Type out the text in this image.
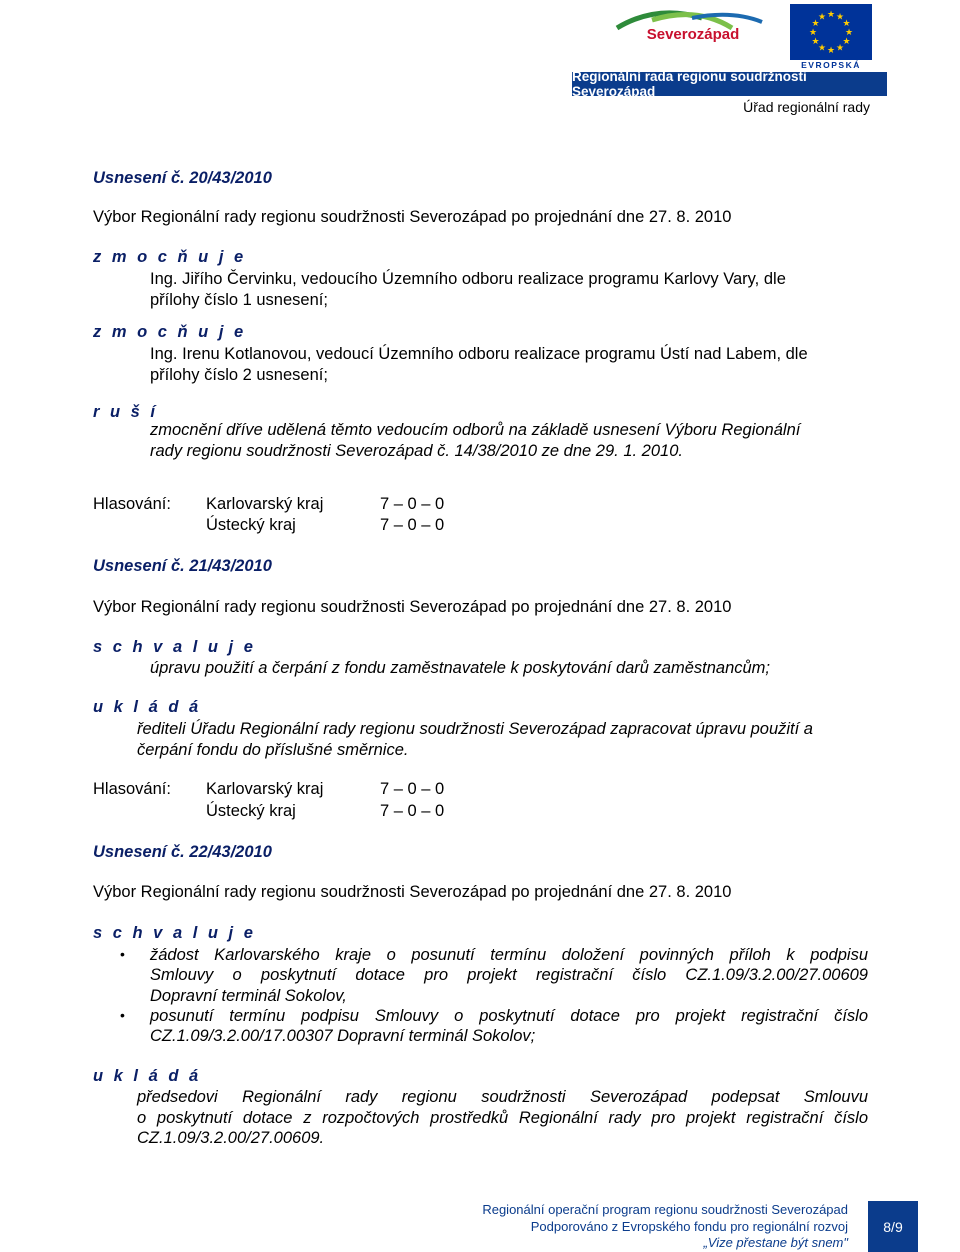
Severozápad
★ ★
★
★
★
★
★
★
★
★
★
★
EVROPSKÁ
Regionální rada regionu soudržnosti Severozápad
Úřad regionální rady
Usnesení č. 20/43/2010
Výbor Regionální rady regionu soudržnosti Severozápad po projednání dne 27. 8. 2010
z m o c ň u j e
Ing. Jiřího Červinku, vedoucího Územního odboru realizace programu Karlovy Vary, dle
přílohy číslo 1 usnesení;
z m o c ň u j e
Ing. Irenu Kotlanovou, vedoucí Územního odboru realizace programu Ústí nad Labem, dle
přílohy číslo 2 usnesení;
r u š í
zmocnění dříve udělená těmto vedoucím odborů na základě usnesení Výboru Regionální
rady regionu soudržnosti Severozápad č. 14/38/2010 ze dne 29. 1. 2010.
Hlasování: Karlovarský kraj	7 – 0 – 0
Ústecký kraj	7 – 0 – 0
Usnesení č. 21/43/2010
Výbor Regionální rady regionu soudržnosti Severozápad po projednání dne 27. 8. 2010
s c h v a l u j e
úpravu použití a čerpání z fondu zaměstnavatele k poskytování darů zaměstnancům;
u k l á d á
řediteli Úřadu Regionální rady regionu soudržnosti Severozápad zapracovat úpravu použití a
čerpání fondu do příslušné směrnice.
Hlasování: Karlovarský kraj	7 – 0 – 0
Ústecký kraj	7 – 0 – 0
Usnesení č. 22/43/2010
Výbor Regionální rady regionu soudržnosti Severozápad po projednání dne 27. 8. 2010
s c h v a l u j e
• žádost Karlovarského kraje o posunutí termínu doložení povinných příloh k podpisu
Smlouvy o poskytnutí dotace pro projekt registrační číslo CZ.1.09/3.2.00/27.00609
Dopravní terminál Sokolov,
• posunutí termínu podpisu Smlouvy o poskytnutí dotace pro projekt registrační číslo
CZ.1.09/3.2.00/17.00307 Dopravní terminál Sokolov;
u k l á d á
předsedovi Regionální rady regionu soudržnosti Severozápad podepsat Smlouvu
o poskytnutí dotace z rozpočtových prostředků Regionální rady pro projekt registrační číslo
CZ.1.09/3.2.00/27.00609.
Regionální operační program regionu soudržnosti Severozápad
Podporováno z Evropského fondu pro regionální rozvoj
„Vize přestane být snem"
8/9
